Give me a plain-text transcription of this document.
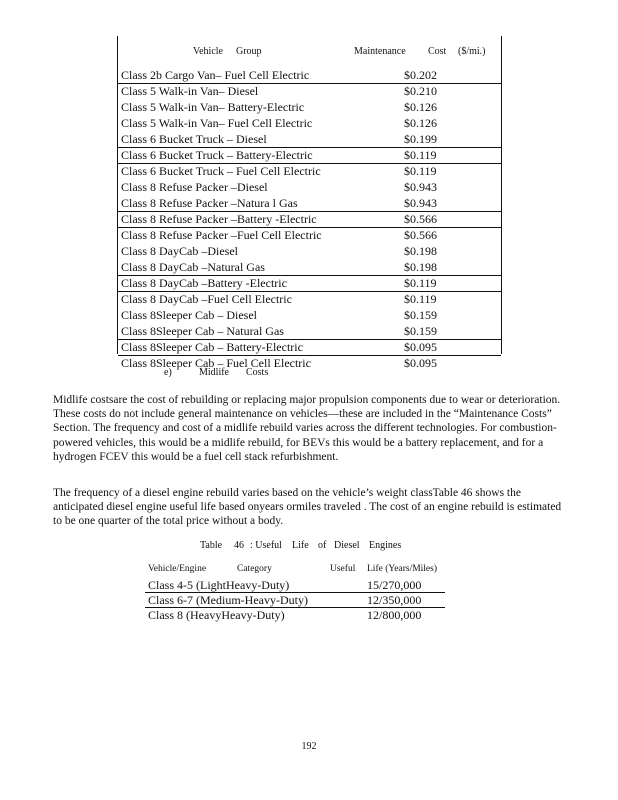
Vehicle Group	Maintenance Cost ($/mi.)
Class 2b Cargo Van– Fuel Cell Electric	$0.202
Class 5 Walk-in Van– Diesel	$0.210
Class 5 Walk-in Van– Battery-Electric	$0.126
Class 5 Walk-in Van– Fuel Cell Electric	$0.126
Class 6 Bucket Truck – Diesel	$0.199
Class 6 Bucket Truck – Battery-Electric	$0.119
Class 6 Bucket Truck – Fuel Cell Electric	$0.119
Class 8 Refuse Packer –Diesel	$0.943
Class 8 Refuse Packer –Natura l Gas	$0.943
Class 8 Refuse Packer –Battery -Electric	$0.566
Class 8 Refuse Packer –Fuel Cell Electric	$0.566
Class 8 DayCab –Diesel	$0.198
Class 8 DayCab –Natural Gas	$0.198
Class 8 DayCab –Battery -Electric	$0.119
Class 8 DayCab –Fuel Cell Electric	$0.119
Class 8Sleeper Cab – Diesel	$0.159
Class 8Sleeper Cab – Natural Gas	$0.159
Class 8Sleeper Cab – Battery-Electric	$0.095
Class 8Sleeper Cab – Fuel Cell Electric	$0.095
e)	Midlife Costs

Midlife costsare the cost of rebuilding or replacing major propulsion components due to wear or deterioration. These costs do not include general maintenance on vehicles—these are included in the “Maintenance Costs” Section. The frequency and cost of a midlife rebuild varies across the different technologies. For combustion-powered vehicles, this would be a midlife rebuild, for BEVs this would be a battery replacement, and for a hydrogen FCEV this would be a fuel cell stack refurbishment.

The frequency of a diesel engine rebuild varies based on the vehicle’s weight classTable 46 shows the anticipated diesel engine useful life based onyears ormiles traveled . The cost of an engine rebuild is estimated to be one quarter of the total price without a body.

Table 46 : Useful Life of Diesel Engines
Vehicle/Engine	Category	Useful Life (Years/Miles)
Class 4-5 (LightHeavy-Duty)	15/270,000
Class 6-7 (Medium-Heavy-Duty)	12/350,000
Class 8 (HeavyHeavy-Duty)	12/800,000
192
